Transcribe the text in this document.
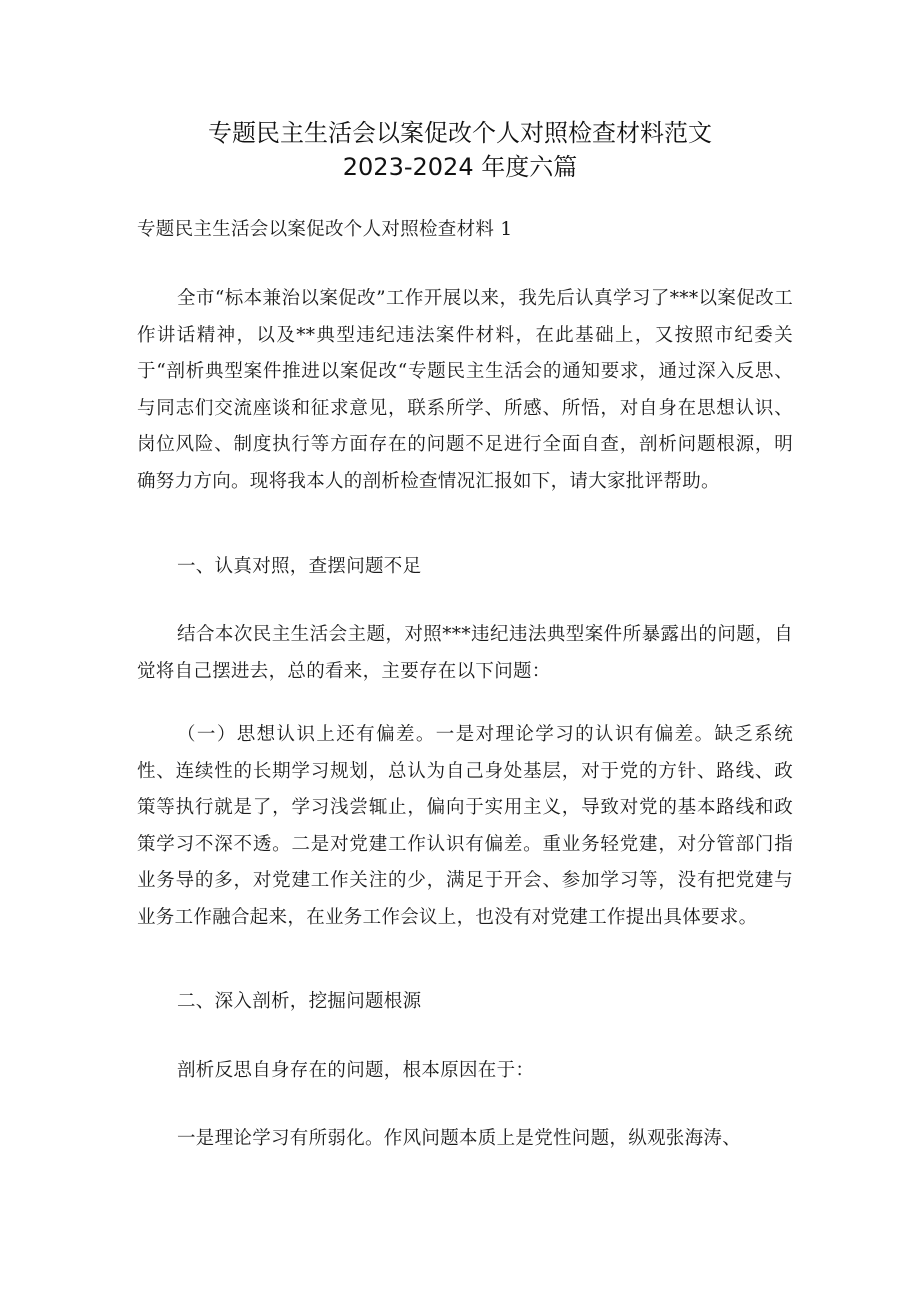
专题民主生活会以案促改个人对照检查材料范文
2023-2024 年度六篇
专题民主生活会以案促改个人对照检查材料 1
全市“标本兼治以案促改”工作开展以来，我先后认真学习了***以案促改工作讲话精神，以及**典型违纪违法案件材料，在此基础上，又按照市纪委关于“剖析典型案件推进以案促改“专题民主生活会的通知要求，通过深入反思、与同志们交流座谈和征求意见，联系所学、所感、所悟，对自身在思想认识、岗位风险、制度执行等方面存在的问题不足进行全面自查，剖析问题根源，明确努力方向。现将我本人的剖析检查情况汇报如下，请大家批评帮助。
一、认真对照，查摆问题不足
结合本次民主生活会主题，对照***违纪违法典型案件所暴露出的问题，自觉将自己摆进去，总的看来，主要存在以下问题：
（一）思想认识上还有偏差。一是对理论学习的认识有偏差。缺乏系统性、连续性的长期学习规划，总认为自己身处基层，对于党的方针、路线、政策等执行就是了，学习浅尝辄止，偏向于实用主义，导致对党的基本路线和政策学习不深不透。二是对党建工作认识有偏差。重业务轻党建，对分管部门指业务导的多，对党建工作关注的少，满足于开会、参加学习等，没有把党建与业务工作融合起来，在业务工作会议上，也没有对党建工作提出具体要求。
二、深入剖析，挖掘问题根源
剖析反思自身存在的问题，根本原因在于：
一是理论学习有所弱化。作风问题本质上是党性问题，纵观张海涛、
